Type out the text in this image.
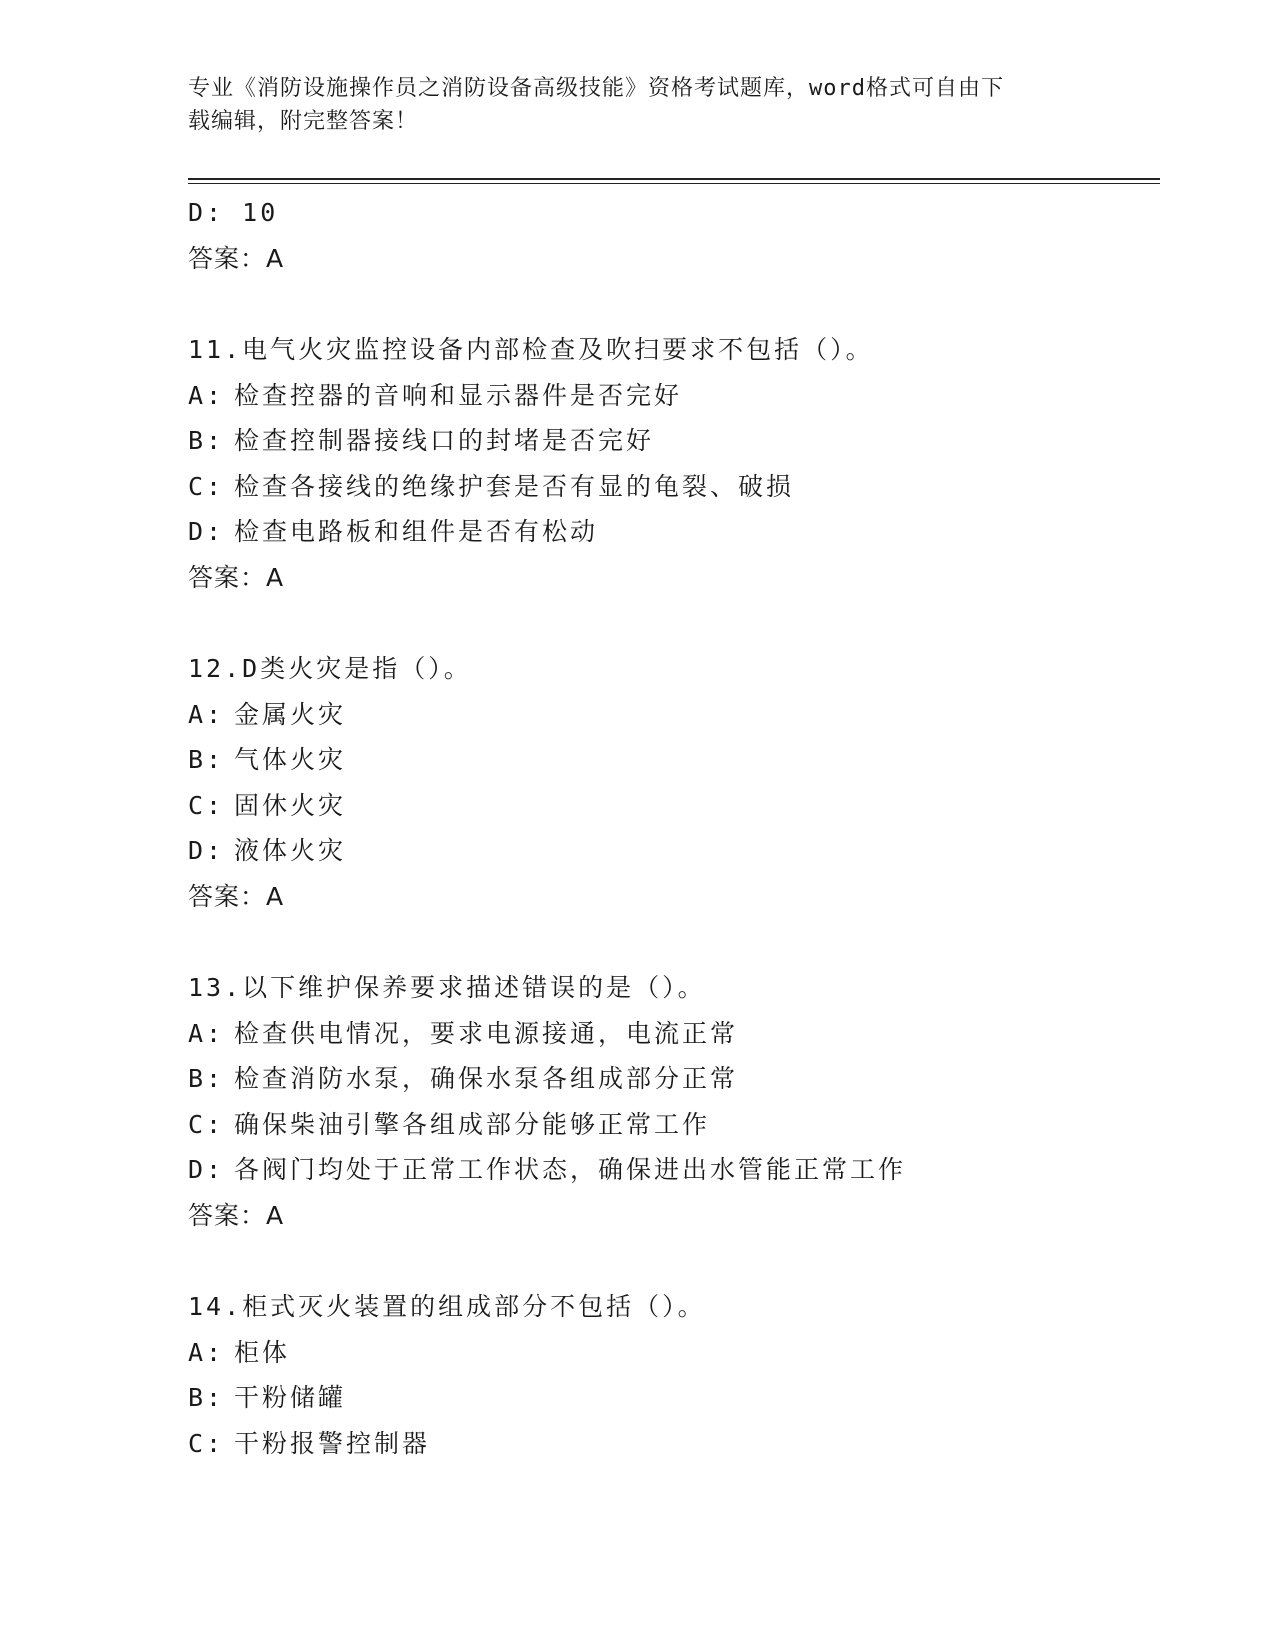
专业《消防设施操作员之消防设备高级技能》资格考试题库，word格式可自由下
载编辑，附完整答案！
D: 10
答案：A
11.电气火灾监控设备内部检查及吹扫要求不包括（）。
A: 检查控器的音响和显示器件是否完好
B: 检查控制器接线口的封堵是否完好
C: 检查各接线的绝缘护套是否有显的龟裂、破损
D: 检查电路板和组件是否有松动
答案：A
12.D类火灾是指（）。
A: 金属火灾
B: 气体火灾
C: 固休火灾
D: 液体火灾
答案：A
13.以下维护保养要求描述错误的是（）。
A: 检查供电情况，要求电源接通，电流正常
B: 检查消防水泵，确保水泵各组成部分正常
C: 确保柴油引擎各组成部分能够正常工作
D: 各阀门均处于正常工作状态，确保进出水管能正常工作
答案：A
14.柜式灭火装置的组成部分不包括（）。
A: 柜体
B: 干粉储罐
C: 干粉报警控制器
